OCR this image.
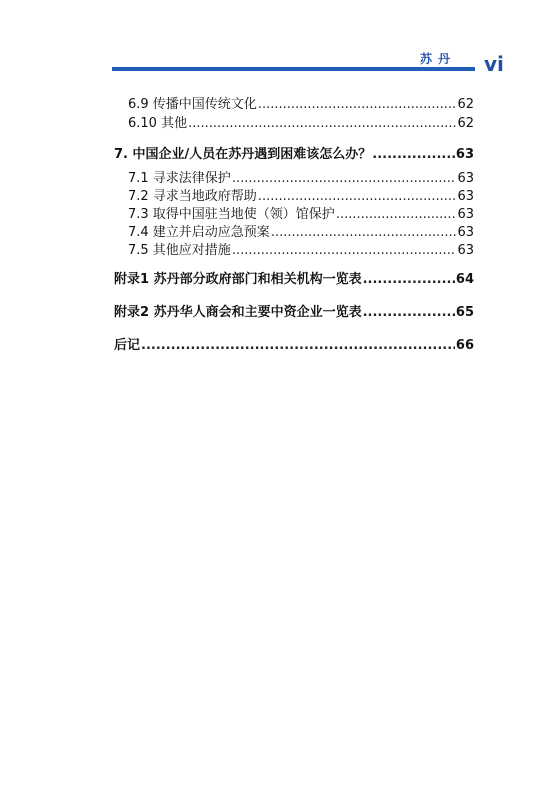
苏丹	vi
6.9 传播中国传统文化 .....	62
6.10 其他 .....	62
7. 中国企业/人员在苏丹遇到困难该怎么办？ .....	63
7.1 寻求法律保护 .....	63
7.2 寻求当地政府帮助 .....	63
7.3 取得中国驻当地使（领）馆保护 .....	63
7.4 建立并启动应急预案 .....	63
7.5 其他应对措施 .....	63
附录1 苏丹部分政府部门和相关机构一览表 .....	64
附录2 苏丹华人商会和主要中资企业一览表 .....	65
后记 .....	66
